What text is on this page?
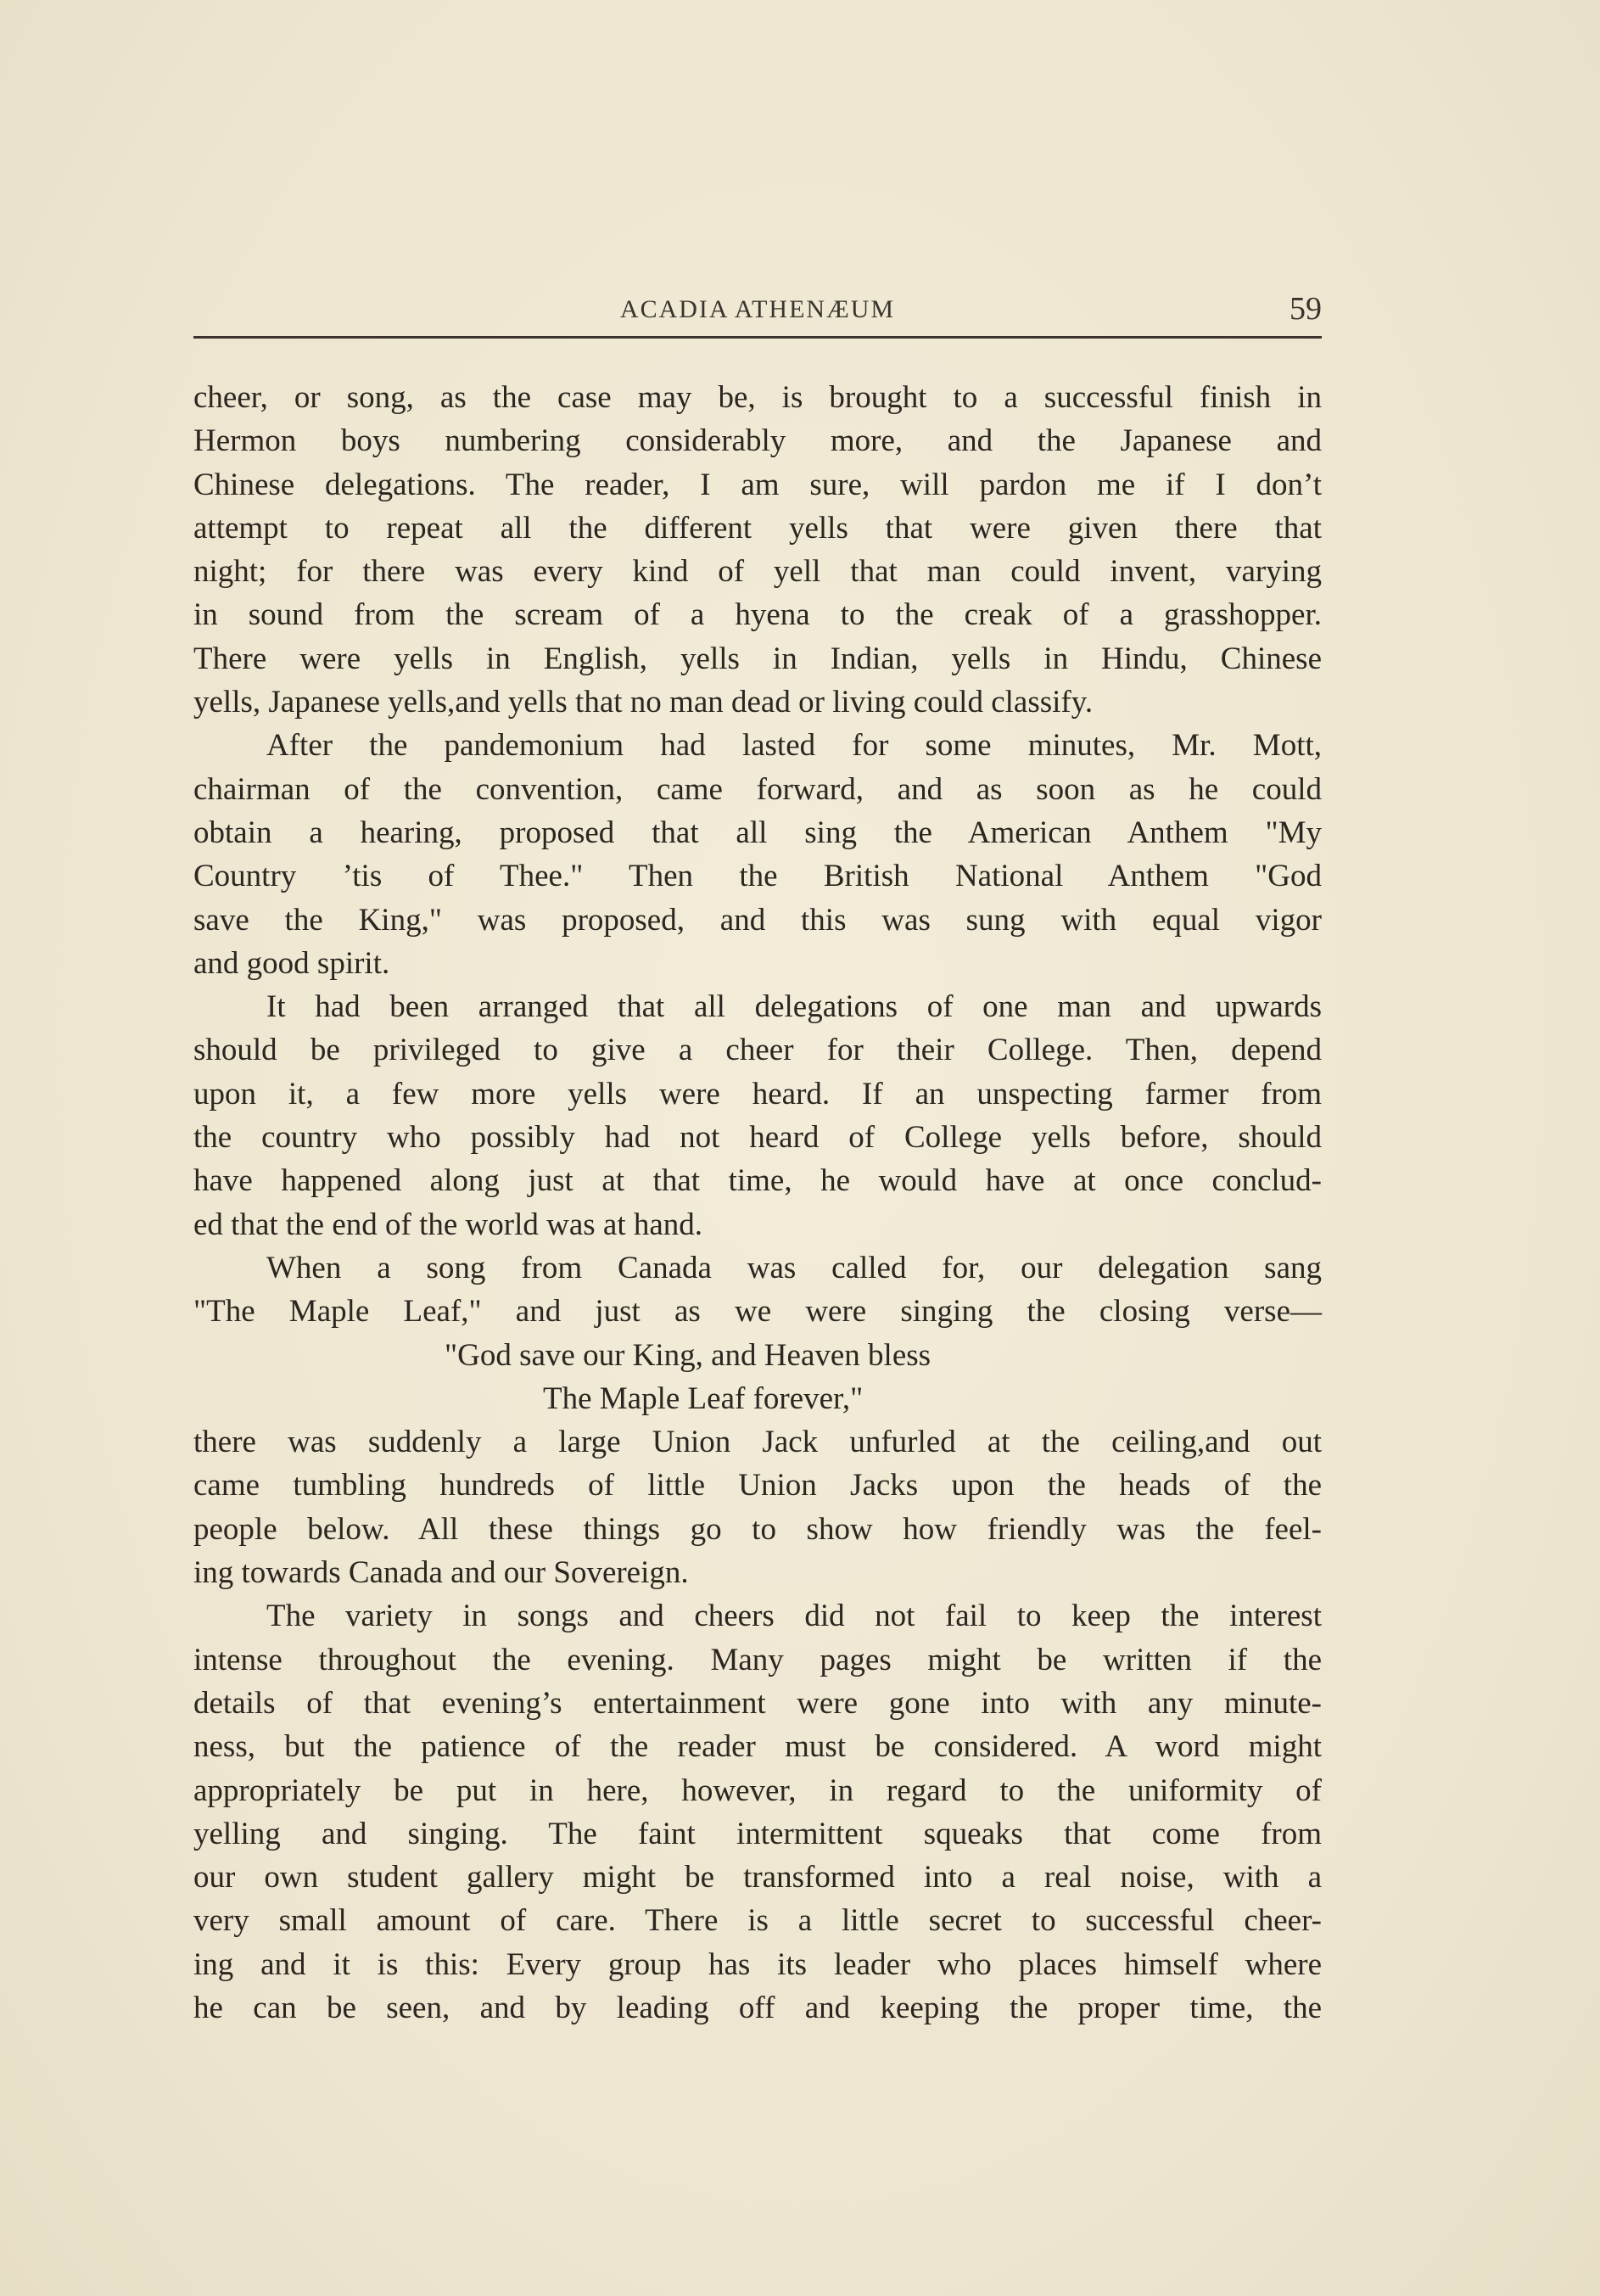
ACADIA ATHENÆUM	59
cheer, or song, as the case may be, is brought to a successful finish in
Hermon boys numbering considerably more, and the Japanese and
Chinese delegations. The reader, I am sure, will pardon me if I don’t
attempt to repeat all the different yells that were given there that
night; for there was every kind of yell that man could invent, varying
in sound from the scream of a hyena to the creak of a grasshopper.
There were yells in English, yells in Indian, yells in Hindu, Chinese
yells, Japanese yells,and yells that no man dead or living could classify.
After the pandemonium had lasted for some minutes, Mr. Mott,
chairman of the convention, came forward, and as soon as he could
obtain a hearing, proposed that all sing the American Anthem "My
Country ’tis of Thee." Then the British National Anthem "God
save the King," was proposed, and this was sung with equal vigor
and good spirit.
It had been arranged that all delegations of one man and upwards
should be privileged to give a cheer for their College. Then, depend
upon it, a few more yells were heard. If an unspecting farmer from
the country who possibly had not heard of College yells before, should
have happened along just at that time, he would have at once conclud-
ed that the end of the world was at hand.
When a song from Canada was called for, our delegation sang
"The Maple Leaf," and just as we were singing the closing verse—
"God save our King, and Heaven bless
The Maple Leaf forever,"
there was suddenly a large Union Jack unfurled at the ceiling,and out
came tumbling hundreds of little Union Jacks upon the heads of the
people below. All these things go to show how friendly was the feel-
ing towards Canada and our Sovereign.
The variety in songs and cheers did not fail to keep the interest
intense throughout the evening. Many pages might be written if the
details of that evening’s entertainment were gone into with any minute-
ness, but the patience of the reader must be considered. A word might
appropriately be put in here, however, in regard to the uniformity of
yelling and singing. The faint intermittent squeaks that come from
our own student gallery might be transformed into a real noise, with a
very small amount of care. There is a little secret to successful cheer-
ing and it is this: Every group has its leader who places himself where
he can be seen, and by leading off and keeping the proper time, the
